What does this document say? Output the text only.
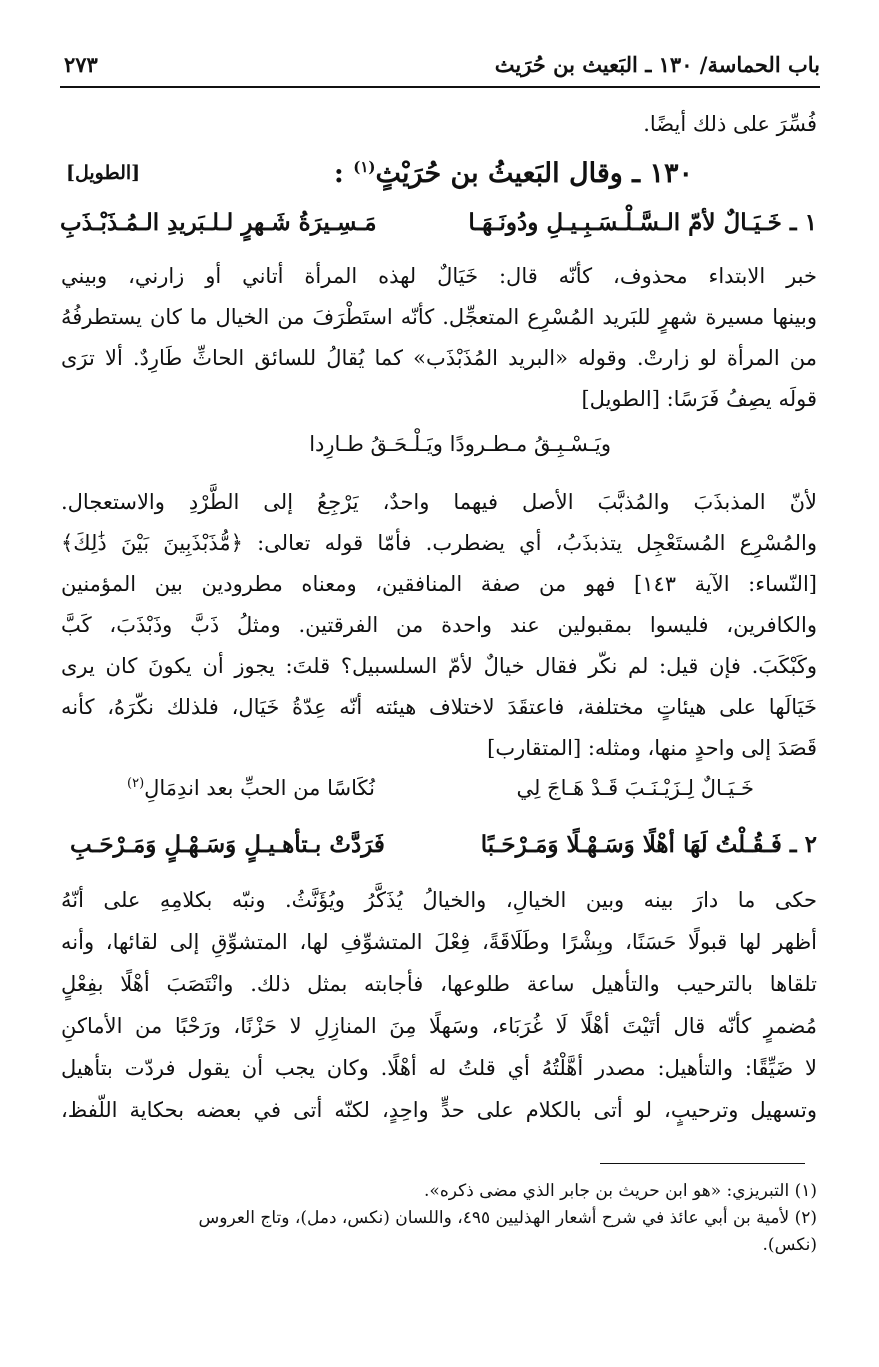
باب الحماسة/ ١٣٠ ـ البَعيث بن حُرَيث
٢٧٣
فُسِّرَ على ذلك أيضًا.
١٣٠ ـ وقال البَعيثُ بن حُرَيْثٍ$^{(١)}$ :
[الطويل]
١ ـ خَـيَـالٌ لأمّ الـسَّـلْـسَـبِـيـلِ ودُونَـهَـا
مَـسِـيرَةُ شَـهرٍ لـلـبَريدِ الـمُـذَبْـذَبِ
خبر الابتداء محذوف، كأنّه قال: خَيَالٌ لهذه المرأة أتاني أو زارني، وبيني
وبينها مسيرة شهرٍ للبَريد المُسْرِع المتعجِّل. كأنّه استَطْرَفَ من الخيال ما كان يستطرفُهُ
من المرأة لو زارتْ. وقوله «البريد المُذَبْذَب» كما يُقالُ للسائق الحاثِّ طَارِدٌ. ألا ترَى
قولَه يصِفُ فَرَسًا: [الطويل]
ويَـسْـبِـقُ مـطـرودًا ويَـلْـحَـقُ طـارِدا
لأنّ المذبذَبَ والمُذبَّبَ الأصل فيهما واحدٌ، يَرْجِعُ إلى الطَّرْدِ والاستعجال.
والمُسْرِع المُستَعْجِل يتذبذَبُ، أي يضطرب. فأمّا قوله تعالى: ﴿مُّذَبْذَبِينَ بَيْنَ ذَٰلِكَ﴾
[النّساء: الآية ١٤٣] فهو من صفة المنافقين، ومعناه مطرودين بين المؤمنين
والكافرين، فليسوا بمقبولين عند واحدة من الفرقتين. ومثلُ ذَبَّ وذَبْذَبَ، كَبَّ
وكَبْكَبَ. فإن قيل: لم نكّر فقال خيالٌ لأمّ السلسبيل؟ قلتَ: يجوز أن يكونَ كان يرى
خَيَالَها على هيئاتٍ مختلفة، فاعتقَدَ لاختلاف هيئته أنّه عِدّةُ خَيَال، فلذلك نكّرَهُ، كأنه
قَصَدَ إلى واحدٍ منها، ومثله: [المتقارب]
خَـيَـالٌ لِـزَيْـنَـبَ قَـدْ هَـاجَ لِي
نُكَاسًا من الحبِّ بعد اندِمَالِ$^{(٢)}$
٢ ـ فَـقُـلْتُ لَهَا أهْلًا وَسَـهْـلًا وَمَـرْحَـبًا
فَرَدَّتْ بـتأهـيـلٍ وَسَـهْـلٍ وَمَـرْحَـبِ
حكى ما دارَ بينه وبين الخيالِ، والخيالُ يُذَكَّرُ ويُؤَنَّثُ. ونبّه بكلامِهِ على أنّهُ
أظهر لها قبولًا حَسَنًا، وبِشْرًا وطَلَاقَةً، فِعْلَ المتشوِّفِ لها، المتشوِّقِ إلى لقائها، وأنه
تلقاها بالترحيب والتأهيل ساعة طلوعها، فأجابته بمثل ذلك. وانْتَصَبَ أهْلًا بفِعْلٍ
مُضمرٍ كأنّه قال أتَيْتَ أهْلًا لَا غُرَبَاء، وسَهلًا مِنَ المنازِلِ لا حَزْنًا، ورَحْبًا من الأماكنِ
لا ضَيِّقًا: والتأهيل: مصدر أهَّلْتُهُ أي قلتُ له أهْلًا. وكان يجب أن يقول فردّت بتأهيل
وتسهيل وترحيبٍ، لو أتى بالكلام على حدٍّ واحِدٍ، لكنّه أتى في بعضه بحكاية اللّفظ،
(١) التبريزي: «هو ابن حريث بن جابر الذي مضى ذكره».
(٢) لأمية بن أبي عائذ في شرح أشعار الهذليين ٤٩٥، واللسان (نكس، دمل)، وتاج العروس
(نكس).
